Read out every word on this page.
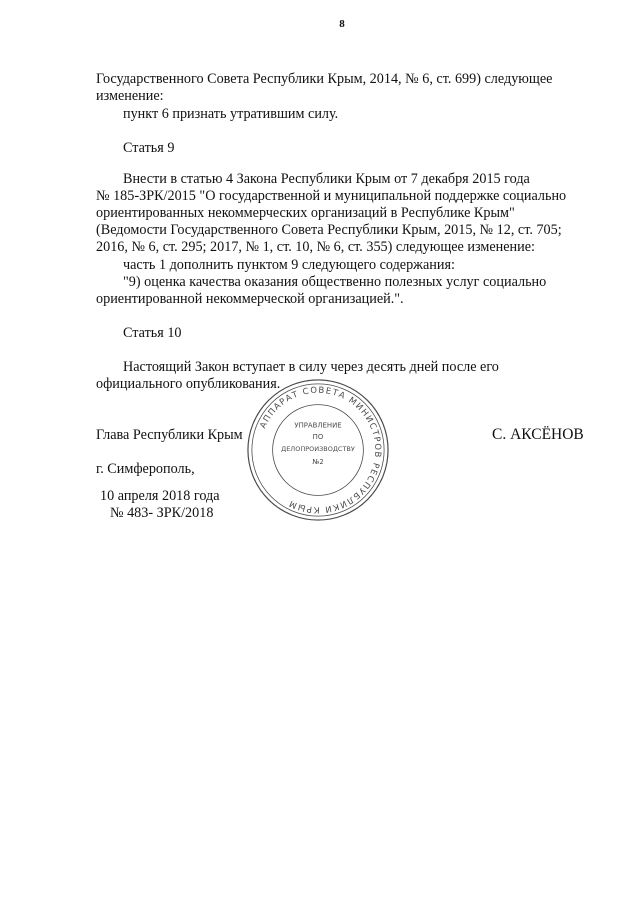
8
Государственного Совета Республики Крым, 2014, № 6, ст. 699) следующее
изменение:
пункт 6 признать утратившим силу.
Статья 9
Внести в статью 4 Закона Республики Крым от 7 декабря 2015 года
№ 185-ЗРК/2015 "О государственной и муниципальной поддержке социально
ориентированных некоммерческих организаций в Республике Крым"
(Ведомости Государственного Совета Республики Крым, 2015, № 12, ст. 705;
2016, № 6, ст. 295; 2017, № 1, ст. 10, № 6, ст. 355) следующее изменение:
часть 1 дополнить пунктом 9 следующего содержания:
"9) оценка качества оказания общественно полезных услуг социально
ориентированной некоммерческой организацией.".
Статья 10
Настоящий Закон вступает в силу через десять дней после его
официального опубликования.
Глава Республики Крым	С. АКСЁНОВ
г. Симферополь,
10 апреля 2018 года
№ 483- ЗРК/2018
АППАРАТ СОВЕТА МИНИСТРОВ РЕСПУБЛИКИ КРЫМ
УПРАВЛЕНИЕ
ПО
ДЕЛОПРОИЗВОДСТВУ
№2
